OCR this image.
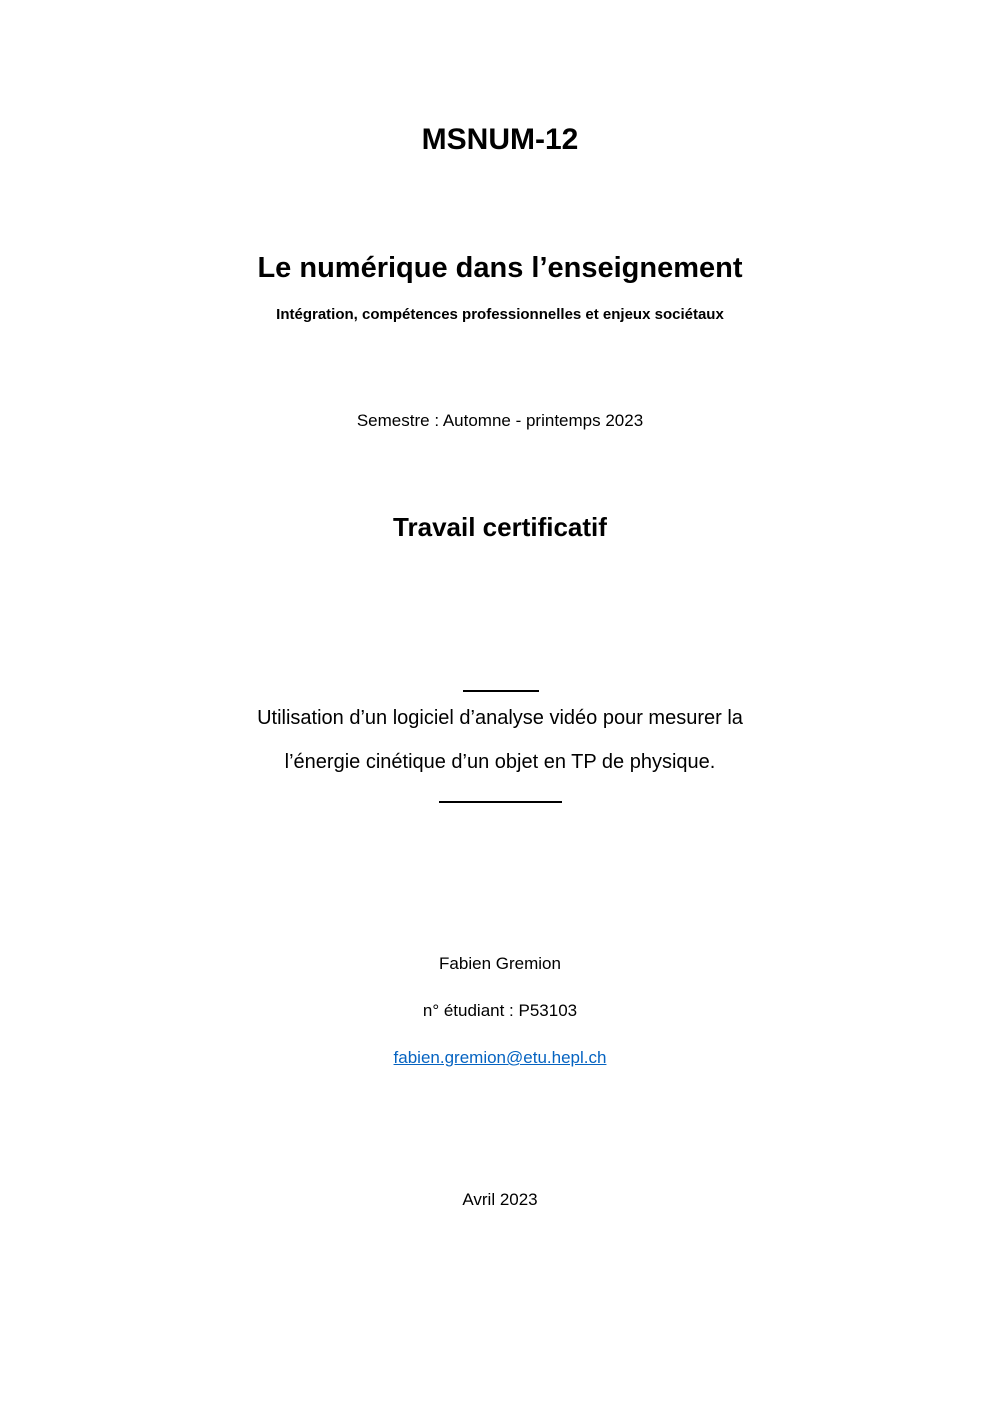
MSNUM-12
Le numérique dans l’enseignement
Intégration, compétences professionnelles et enjeux sociétaux
Semestre : Automne - printemps 2023
Travail certificatif
Utilisation d’un logiciel d’analyse vidéo pour mesurer la
l’énergie cinétique d’un objet en TP de physique.
Fabien Gremion
n° étudiant : P53103
fabien.gremion@etu.hepl.ch
Avril 2023
